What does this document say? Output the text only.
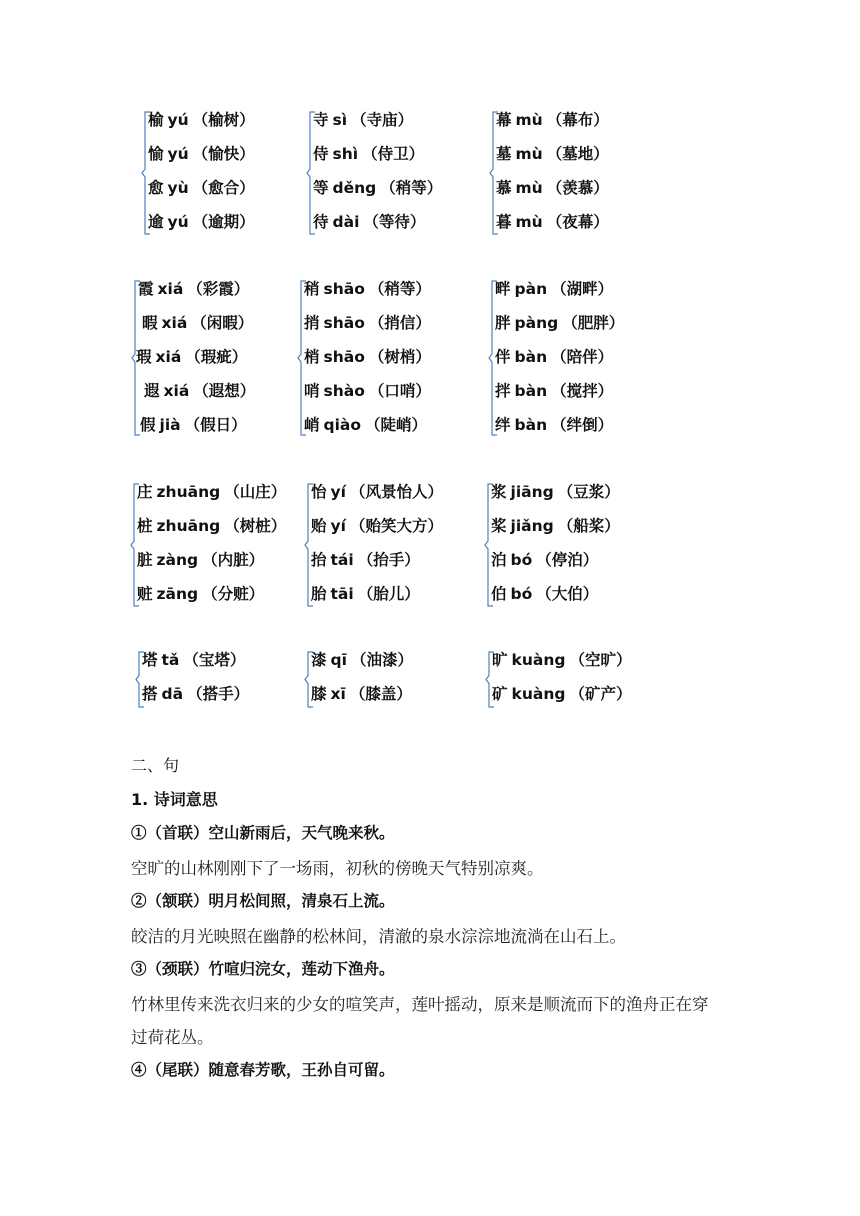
榆 yú （榆树）
愉 yú （愉快）
愈 yù （愈合）
逾 yú （逾期）
寺 sì （寺庙）
侍 shì （侍卫）
等 děng （稍等）
待 dài （等待）
幕 mù （幕布）
墓 mù （墓地）
慕 mù （羡慕）
暮 mù （夜幕）
霞 xiá （彩霞）
暇 xiá （闲暇）
瑕 xiá （瑕疵）
遐 xiá （遐想）
假 jià （假日）
稍 shāo （稍等）
捎 shāo （捎信）
梢 shāo （树梢）
哨 shào （口哨）
峭 qiào （陡峭）
畔 pàn （湖畔）
胖 pàng （肥胖）
伴 bàn （陪伴）
拌 bàn （搅拌）
绊 bàn （绊倒）
庄 zhuāng （山庄）
桩 zhuāng （树桩）
脏 zàng （内脏）
赃 zāng （分赃）
怡 yí （风景怡人）
贻 yí （贻笑大方）
抬 tái （抬手）
胎 tāi （胎儿）
浆 jiāng （豆浆）
桨 jiǎng （船桨）
泊 bó （停泊）
伯 bó （大伯）
塔 tǎ （宝塔）
搭 dā （搭手）
漆 qī （油漆）
膝 xī （膝盖）
旷 kuàng （空旷）
矿 kuàng （矿产）
二、句
1. 诗词意思
①（首联）空山新雨后，天气晚来秋。
空旷的山林刚刚下了一场雨，初秋的傍晚天气特别凉爽。
②（颔联）明月松间照，清泉石上流。
皎洁的月光映照在幽静的松林间，清澈的泉水淙淙地流淌在山石上。
③（颈联）竹喧归浣女，莲动下渔舟。
竹林里传来洗衣归来的少女的喧笑声，莲叶摇动，原来是顺流而下的渔舟正在穿
过荷花丛。
④（尾联）随意春芳歌，王孙自可留。
